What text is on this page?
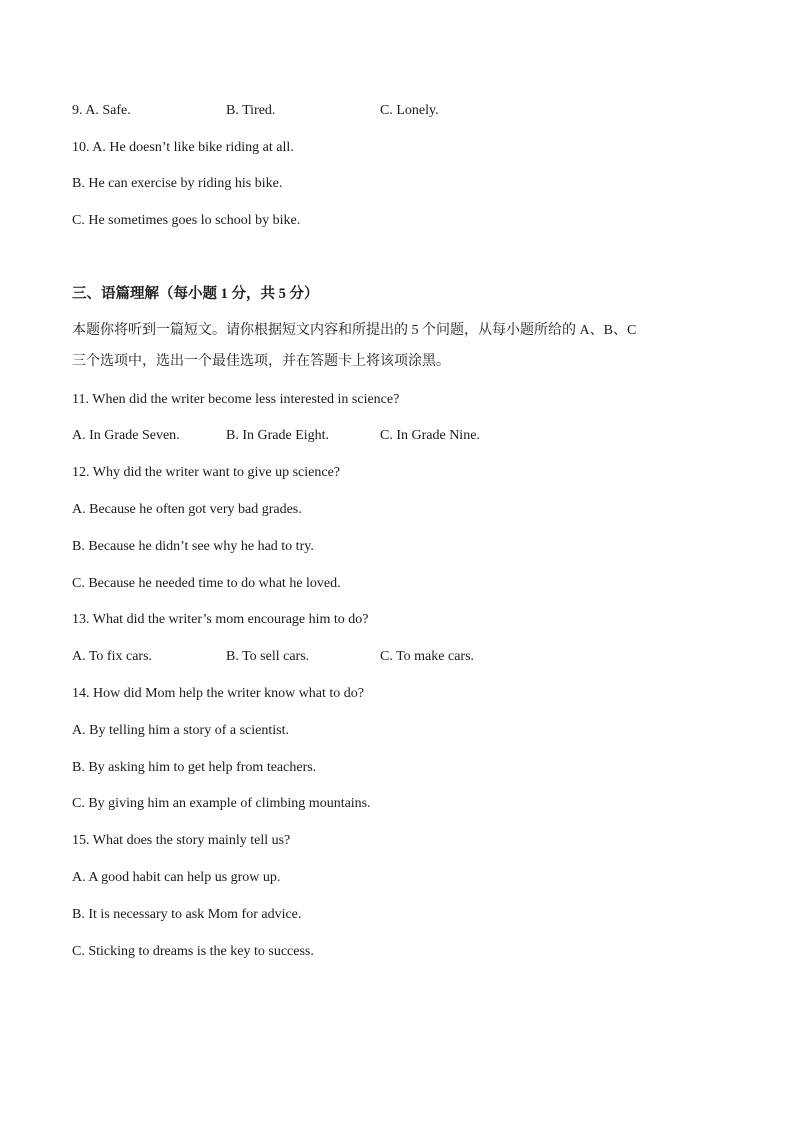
9. A. Safe.	B. Tired.	C. Lonely.
10. A. He doesn’t like bike riding at all.
B. He can exercise by riding his bike.
C. He sometimes goes lo school by bike.
三、语篇理解（每小题 1 分，共 5 分）
本题你将听到一篇短文。请你根据短文内容和所提出的 5 个问题，从每小题所给的 A、B、C
三个选项中，选出一个最佳选项，并在答题卡上将该项涂黑。
11. When did the writer become less interested in science?
A. In Grade Seven.	B. In Grade Eight.	C. In Grade Nine.
12. Why did the writer want to give up science?
A. Because he often got very bad grades.
B. Because he didn’t see why he had to try.
C. Because he needed time to do what he loved.
13. What did the writer’s mom encourage him to do?
A. To fix cars.	B. To sell cars.	C. To make cars.
14. How did Mom help the writer know what to do?
A. By telling him a story of a scientist.
B. By asking him to get help from teachers.
C. By giving him an example of climbing mountains.
15. What does the story mainly tell us?
A. A good habit can help us grow up.
B. It is necessary to ask Mom for advice.
C. Sticking to dreams is the key to success.
